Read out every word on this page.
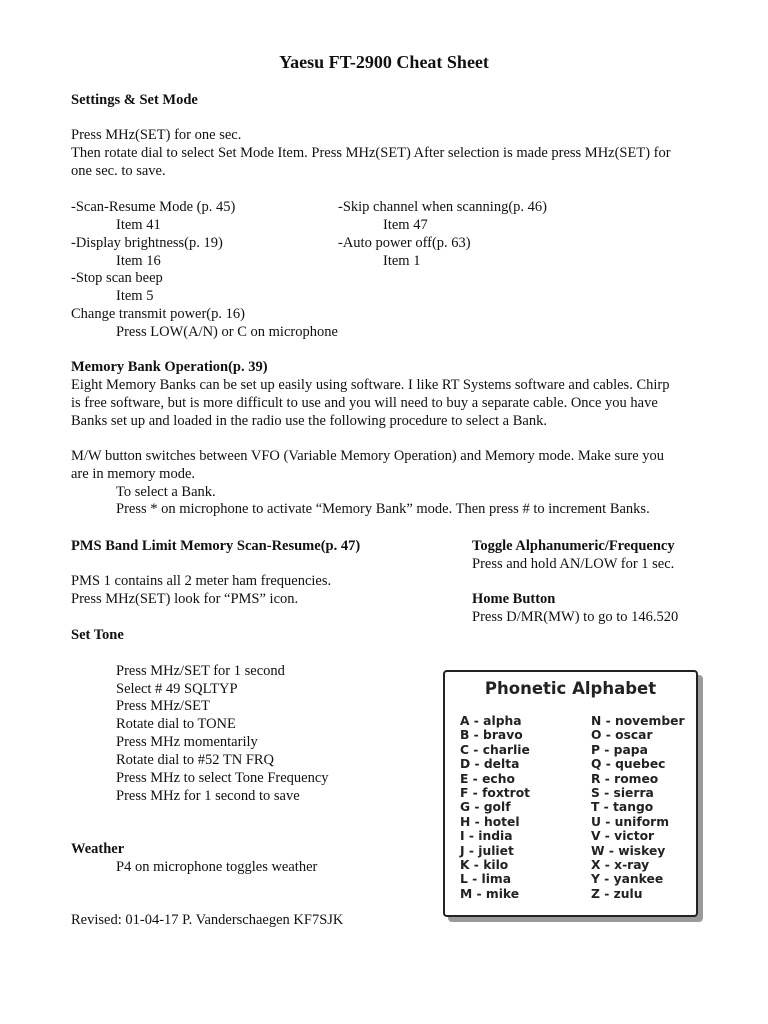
Yaesu FT-2900 Cheat Sheet
Settings & Set Mode
Press MHz(SET) for one sec.
Then rotate dial to select Set Mode Item. Press MHz(SET) After selection is made press MHz(SET) for
one sec. to save.
-Scan-Resume Mode (p. 45)
Item 41
-Display brightness(p. 19)
Item 16
-Stop scan beep
Item 5
Change transmit power(p. 16)
Press LOW(A/N) or C on microphone
-Skip channel when scanning(p. 46)
Item 47
-Auto power off(p. 63)
Item 1
Memory Bank Operation(p. 39)
Eight Memory Banks can be set up easily using software. I like RT Systems software and cables. Chirp
is free software, but is more difficult to use and you will need to buy a separate cable. Once you have
Banks set up and loaded in the radio use the following procedure to select a Bank.
M/W button switches between VFO (Variable Memory Operation) and Memory mode. Make sure you
are in memory mode.
To select a Bank.
Press * on microphone to activate “Memory Bank” mode. Then press # to increment Banks.
PMS Band Limit Memory Scan-Resume(p. 47)
PMS 1 contains all 2 meter ham frequencies.
Press MHz(SET) look for “PMS” icon.
Toggle Alphanumeric/Frequency
Press and hold AN/LOW for 1 sec.
Home Button
Press D/MR(MW) to go to 146.520
Set Tone
Press MHz/SET for 1 second
Select # 49 SQLTYP
Press MHz/SET
Rotate dial to TONE
Press MHz momentarily
Rotate dial to #52 TN FRQ
Press MHz to select Tone Frequency
Press MHz for 1 second to save
Weather
P4 on microphone toggles weather
Revised: 01-04-17 P. Vanderschaegen KF7SJK
Phonetic Alphabet
A - alpha
B - bravo
C - charlie
D - delta
E - echo
F - foxtrot
G - golf
H - hotel
I - india
J - juliet
K - kilo
L - lima
M - mike
N - november
O - oscar
P - papa
Q - quebec
R - romeo
S - sierra
T - tango
U - uniform
V - victor
W - wiskey
X - x-ray
Y - yankee
Z - zulu
